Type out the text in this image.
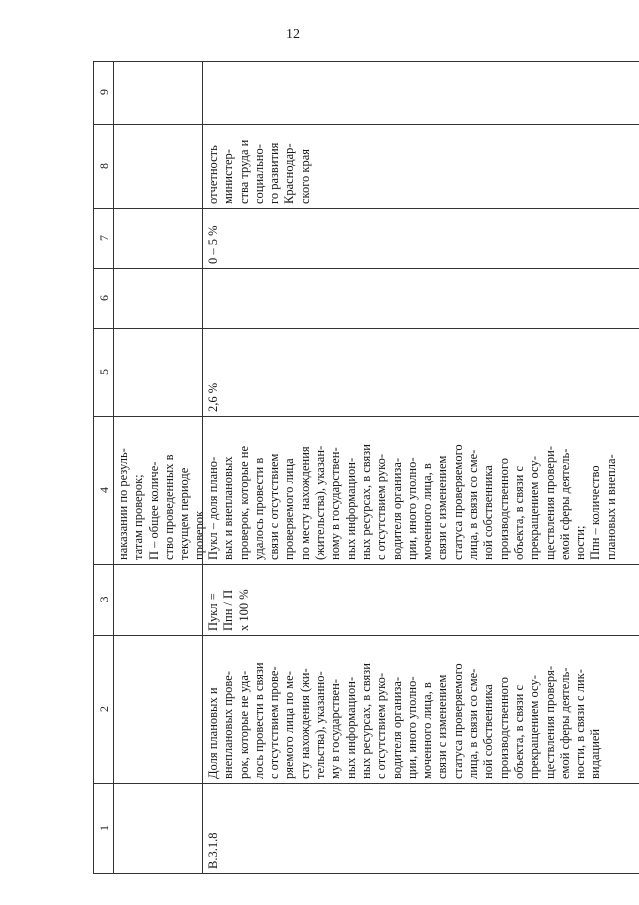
12
1
2
3
4
5
6
7
8
9
наказании по резуль-
татам проверок;
П – общее количе-
ство проведенных в
текущем периоде
проверок
В.3.1.8
Доля плановых и
внеплановых прове-
рок, которые не уда-
лось провести в связи
с отсутствием прове-
ряемого лица по ме-
сту нахождения (жи-
тельства), указанно-
му в государствен-
ных информацион-
ных ресурсах, в связи
с отсутствием руко-
водителя организа-
ции, иного уполно-
моченного лица, в
связи с изменением
статуса проверяемого
лица, в связи со сме-
ной собственника
производственного
объекта, в связи с
прекращением осу-
ществления проверя-
емой сферы деятель-
ности, в связи с лик-
видацией
Пукл =
Ппн / П
х 100 %
Пукл – доля плано-
вых и внеплановых
проверок, которые не
удалось провести в
связи с отсутствием
проверяемого лица
по месту нахождения
(жительства), указан-
ному в государствен-
ных информацион-
ных ресурсах, в связи
с отсутствием руко-
водителя организа-
ции, иного уполно-
моченного лица, в
связи с изменением
статуса проверяемого
лица, в связи со сме-
ной собственника
производственного
объекта, в связи с
прекращением осу-
ществления провери-
емой сферы деятель-
ности;
Ппн – количество
плановых и внепла-
2,6 %
0 – 5 %
отчетность
министер-
ства труда и
социально-
го развития
Краснодар-
ского края
